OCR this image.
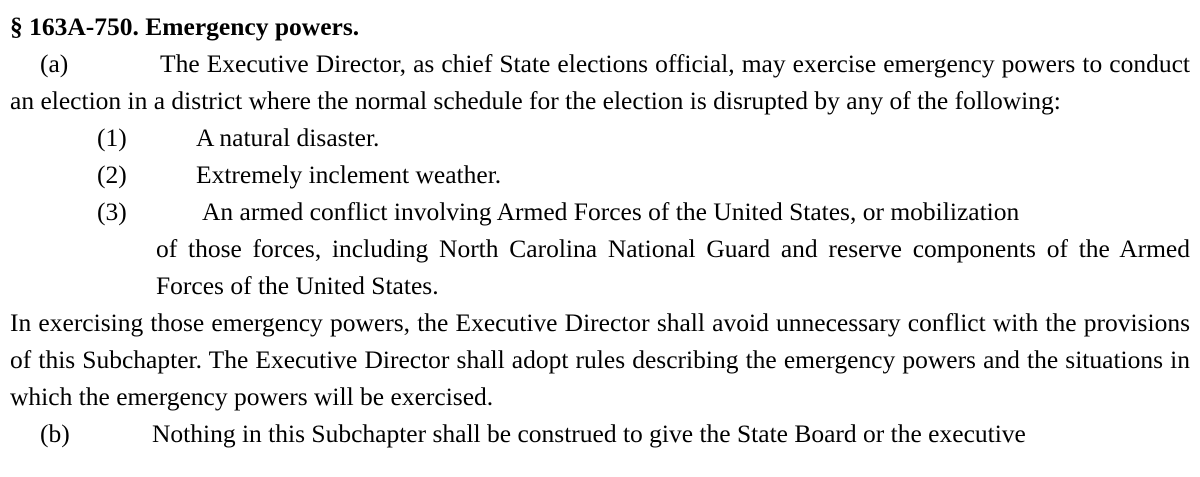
§ 163A-750. Emergency powers.
(a)	The Executive Director, as chief State elections official, may exercise emergency powers to conduct an election in a district where the normal schedule for the election is disrupted by any of the following:
(1)	A natural disaster.
(2)	Extremely inclement weather.
(3)	An armed conflict involving Armed Forces of the United States, or mobilization
of those forces, including North Carolina National Guard and reserve components of the Armed Forces of the United States.
In exercising those emergency powers, the Executive Director shall avoid unnecessary conflict with the provisions of this Subchapter. The Executive Director shall adopt rules describing the emergency powers and the situations in which the emergency powers will be exercised.
(b)	Nothing in this Subchapter shall be construed to give the State Board or the executive
